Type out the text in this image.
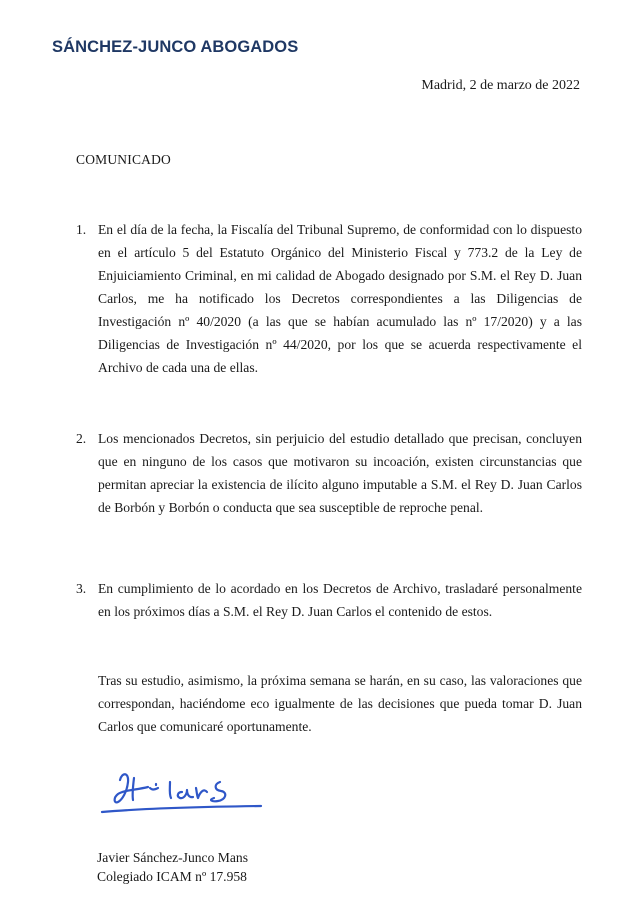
SÁNCHEZ-JUNCO ABOGADOS
Madrid, 2 de marzo de 2022
COMUNICADO
1. En el día de la fecha, la Fiscalía del Tribunal Supremo, de conformidad con lo dispuesto en el artículo 5 del Estatuto Orgánico del Ministerio Fiscal y 773.2 de la Ley de Enjuiciamiento Criminal, en mi calidad de Abogado designado por S.M. el Rey D. Juan Carlos, me ha notificado los Decretos correspondientes a las Diligencias de Investigación nº 40/2020 (a las que se habían acumulado las nº 17/2020) y a las Diligencias de Investigación nº 44/2020, por los que se acuerda respectivamente el Archivo de cada una de ellas.
2. Los mencionados Decretos, sin perjuicio del estudio detallado que precisan, concluyen que en ninguno de los casos que motivaron su incoación, existen circunstancias que permitan apreciar la existencia de ilícito alguno imputable a S.M. el Rey D. Juan Carlos de Borbón y Borbón o conducta que sea susceptible de reproche penal.
3. En cumplimiento de lo acordado en los Decretos de Archivo, trasladaré personalmente en los próximos días a S.M. el Rey D. Juan Carlos el contenido de estos.
Tras su estudio, asimismo, la próxima semana se harán, en su caso, las valoraciones que correspondan, haciéndome eco igualmente de las decisiones que pueda tomar D. Juan Carlos que comunicaré oportunamente.
Javier Sánchez-Junco Mans
Colegiado ICAM nº 17.958
